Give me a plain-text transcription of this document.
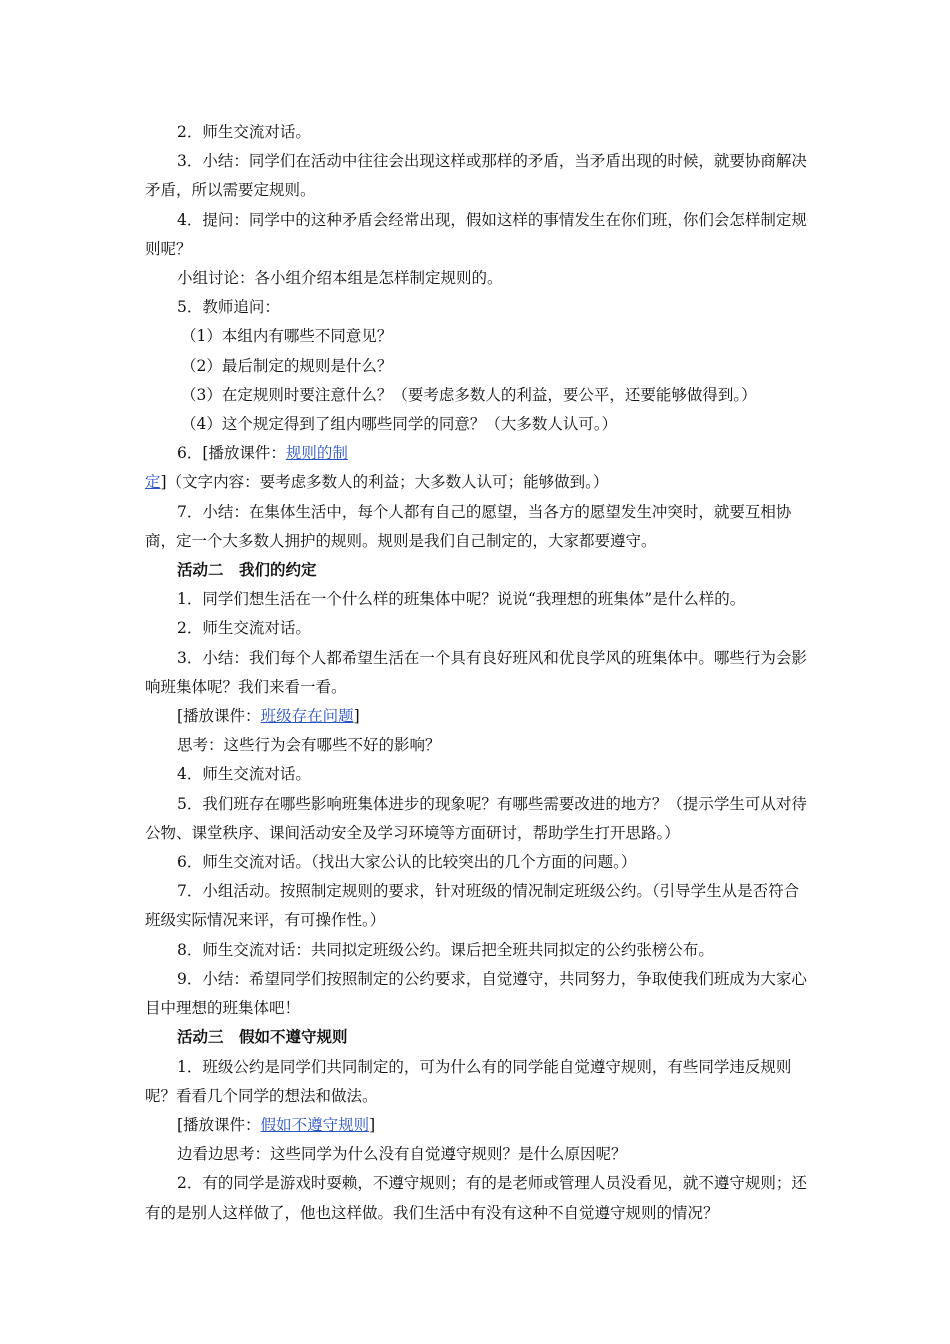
2．师生交流对话。

3．小结：同学们在活动中往往会出现这样或那样的矛盾，当矛盾出现的时候，就要协商解决矛盾，所以需要定规则。

4．提问：同学中的这种矛盾会经常出现，假如这样的事情发生在你们班，你们会怎样制定规则呢？

小组讨论：各小组介绍本组是怎样制定规则的。

5．教师追问：

（1）本组内有哪些不同意见？

（2）最后制定的规则是什么？

（3）在定规则时要注意什么？（要考虑多数人的利益，要公平，还要能够做得到。）

（4）这个规定得到了组内哪些同学的同意？（大多数人认可。）

6．[播放课件：规则的制定]（文字内容：要考虑多数人的利益；大多数人认可；能够做到。）

7．小结：在集体生活中，每个人都有自己的愿望，当各方的愿望发生冲突时，就要互相协商，定一个大多数人拥护的规则。规则是我们自己制定的，大家都要遵守。

活动二　我们的约定

1．同学们想生活在一个什么样的班集体中呢？说说“我理想的班集体”是什么样的。

2．师生交流对话。

3．小结：我们每个人都希望生活在一个具有良好班风和优良学风的班集体中。哪些行为会影响班集体呢？我们来看一看。

[播放课件：班级存在问题]

思考：这些行为会有哪些不好的影响？

4．师生交流对话。

5．我们班存在哪些影响班集体进步的现象呢？有哪些需要改进的地方？（提示学生可从对待公物、课堂秩序、课间活动安全及学习环境等方面研讨，帮助学生打开思路。）

6．师生交流对话。（找出大家公认的比较突出的几个方面的问题。）

7．小组活动。按照制定规则的要求，针对班级的情况制定班级公约。（引导学生从是否符合班级实际情况来评，有可操作性。）

8．师生交流对话：共同拟定班级公约。课后把全班共同拟定的公约张榜公布。

9．小结：希望同学们按照制定的公约要求，自觉遵守，共同努力，争取使我们班成为大家心目中理想的班集体吧！

活动三　假如不遵守规则

1．班级公约是同学们共同制定的，可为什么有的同学能自觉遵守规则，有些同学违反规则呢？看看几个同学的想法和做法。

[播放课件：假如不遵守规则]

边看边思考：这些同学为什么没有自觉遵守规则？是什么原因呢？

2．有的同学是游戏时耍赖，不遵守规则；有的是老师或管理人员没看见，就不遵守规则；还有的是别人这样做了，他也这样做。我们生活中有没有这种不自觉遵守规则的情况？
